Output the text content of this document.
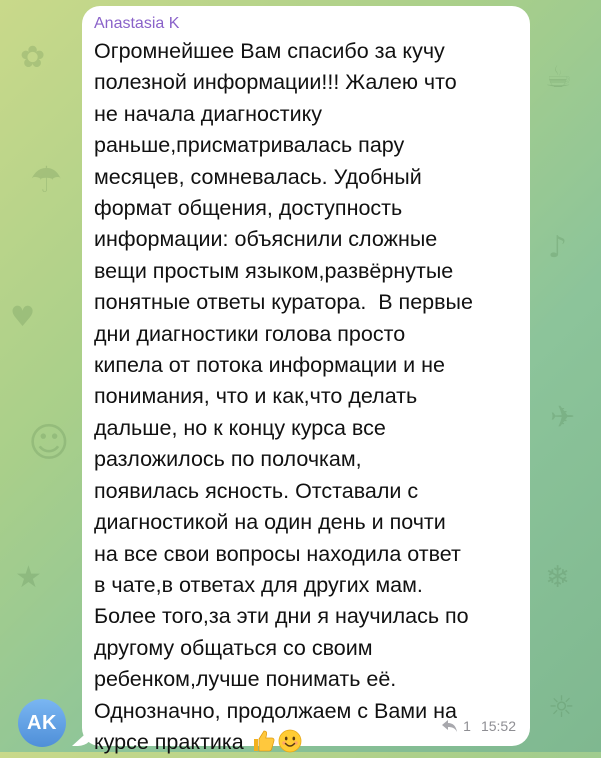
✿
☂
♥
☺
★
☕
♪
✈
❄
☼
Anastasia K

Огромнейшее Вам спасибо за кучу
полезной информации!!! Жалею что
не начала диагностику
раньше,присматривалась пару
месяцев, сомневалась. Удобный
формат общения, доступность
информации: объяснили сложные
вещи простым языком,развёрнутые
понятные ответы куратора.  В первые
дни диагностики голова просто
кипела от потока информации и не
понимания, что и как,что делать
дальше, но к концу курса все
разложилось по полочкам,
появилась ясность. Отставали с
диагностикой на один день и почти
на все свои вопросы находила ответ
в чате,в ответах для других мам.
Более того,за эти дни я научилась по
другому общаться со своим
ребенком,лучше понимать её.
Однозначно, продолжаем с Вами на
курсе практика

1 15:52
AK
